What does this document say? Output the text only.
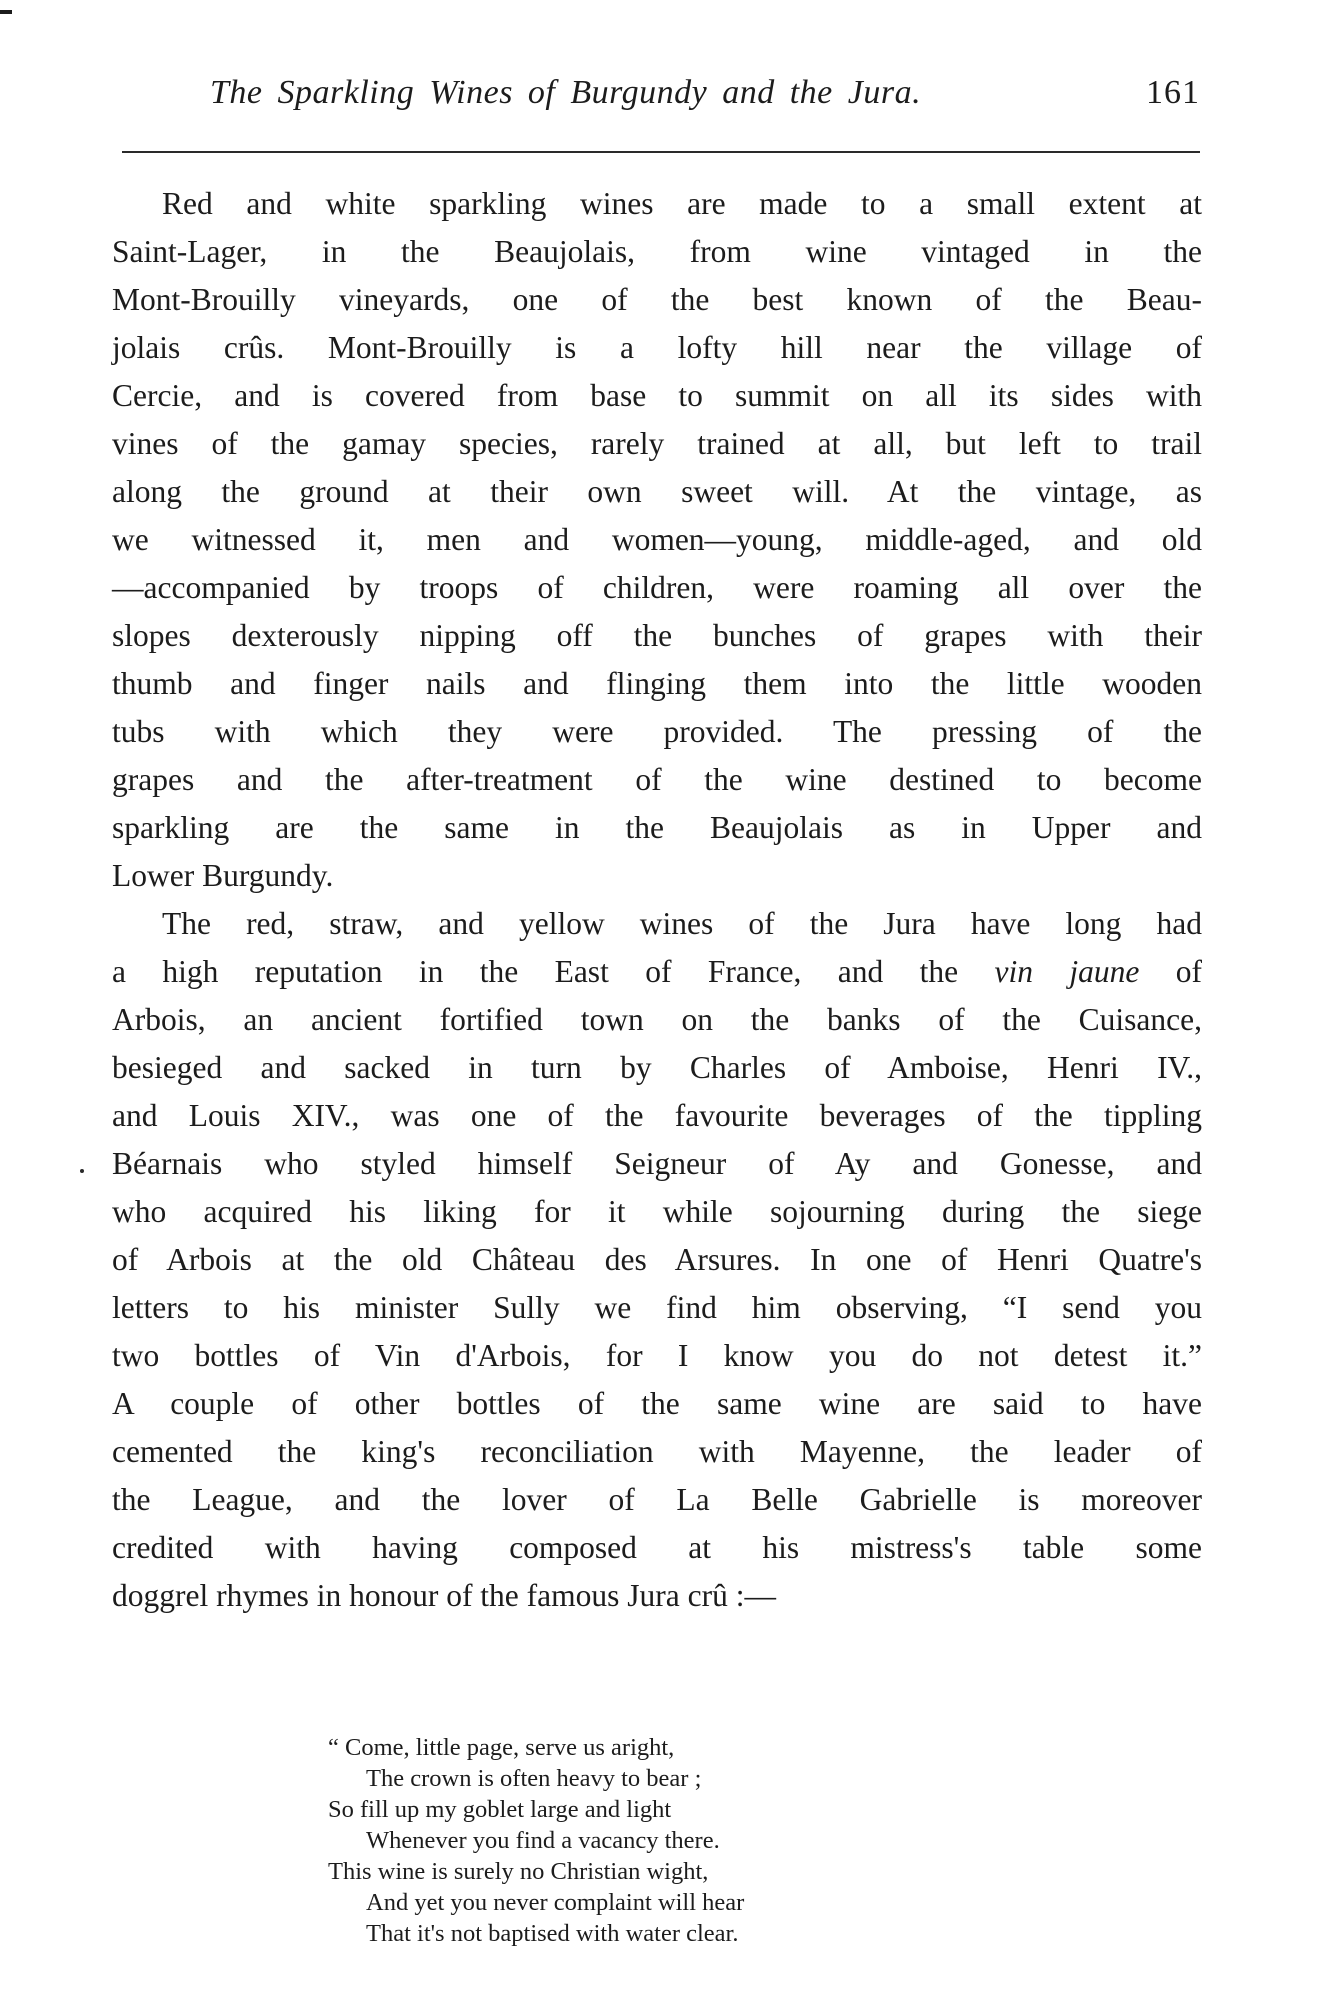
The Sparkling Wines of Burgundy and the Jura.	161
Red and white sparkling wines are made to a small extent at
Saint-Lager, in the Beaujolais, from wine vintaged in the
Mont-Brouilly vineyards, one of the best known of the Beau-
jolais crûs. Mont-Brouilly is a lofty hill near the village of
Cercie, and is covered from base to summit on all its sides with
vines of the gamay species, rarely trained at all, but left to trail
along the ground at their own sweet will. At the vintage, as
we witnessed it, men and women—young, middle-aged, and old
—accompanied by troops of children, were roaming all over the
slopes dexterously nipping off the bunches of grapes with their
thumb and finger nails and flinging them into the little wooden
tubs with which they were provided. The pressing of the
grapes and the after-treatment of the wine destined to become
sparkling are the same in the Beaujolais as in Upper and
Lower Burgundy.
The red, straw, and yellow wines of the Jura have long had
a high reputation in the East of France, and the vin jaune of
Arbois, an ancient fortified town on the banks of the Cuisance,
besieged and sacked in turn by Charles of Amboise, Henri IV.,
and Louis XIV., was one of the favourite beverages of the tippling
Béarnais who styled himself Seigneur of Ay and Gonesse, and
who acquired his liking for it while sojourning during the siege
of Arbois at the old Château des Arsures. In one of Henri Quatre's
letters to his minister Sully we find him observing, “I send you
two bottles of Vin d'Arbois, for I know you do not detest it.”
A couple of other bottles of the same wine are said to have
cemented the king's reconciliation with Mayenne, the leader of
the League, and the lover of La Belle Gabrielle is moreover
credited with having composed at his mistress's table some
doggrel rhymes in honour of the famous Jura crû :—
“ Come, little page, serve us aright,
The crown is often heavy to bear ;
So fill up my goblet large and light
Whenever you find a vacancy there.
This wine is surely no Christian wight,
And yet you never complaint will hear
That it's not baptised with water clear.
